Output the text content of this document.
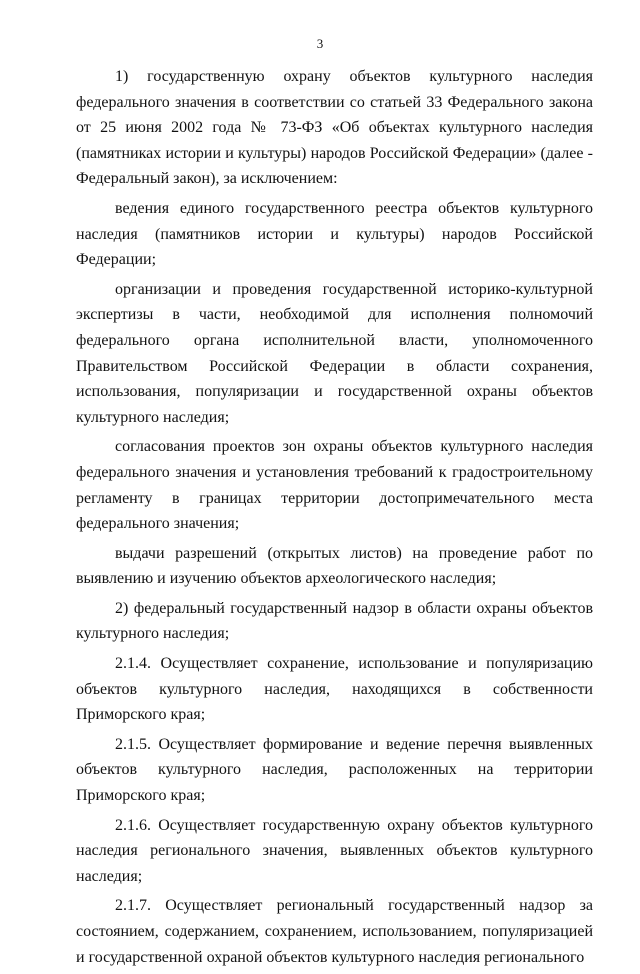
3

1) государственную охрану объектов культурного наследия федерального значения в соответствии со статьей 33 Федерального закона от 25 июня 2002 года № 73-ФЗ «Об объектах культурного наследия (памятниках истории и культуры) народов Российской Федерации» (далее - Федеральный закон), за исключением:

ведения единого государственного реестра объектов культурного наследия (памятников истории и культуры) народов Российской Федерации;

организации и проведения государственной историко-культурной экспертизы в части, необходимой для исполнения полномочий федерального органа исполнительной власти, уполномоченного Правительством Российской Федерации в области сохранения, использования, популяризации и государственной охраны объектов культурного наследия;

согласования проектов зон охраны объектов культурного наследия федерального значения и установления требований к градостроительному регламенту в границах территории достопримечательного места федерального значения;

выдачи разрешений (открытых листов) на проведение работ по выявлению и изучению объектов археологического наследия;

2) федеральный государственный надзор в области охраны объектов культурного наследия;

2.1.4. Осуществляет сохранение, использование и популяризацию объектов культурного наследия, находящихся в собственности Приморского края;

2.1.5. Осуществляет формирование и ведение перечня выявленных объектов культурного наследия, расположенных на территории Приморского края;

2.1.6. Осуществляет государственную охрану объектов культурного наследия регионального значения, выявленных объектов культурного наследия;

2.1.7. Осуществляет региональный государственный надзор за состоянием, содержанием, сохранением, использованием, популяризацией и государственной охраной объектов культурного наследия регионального
